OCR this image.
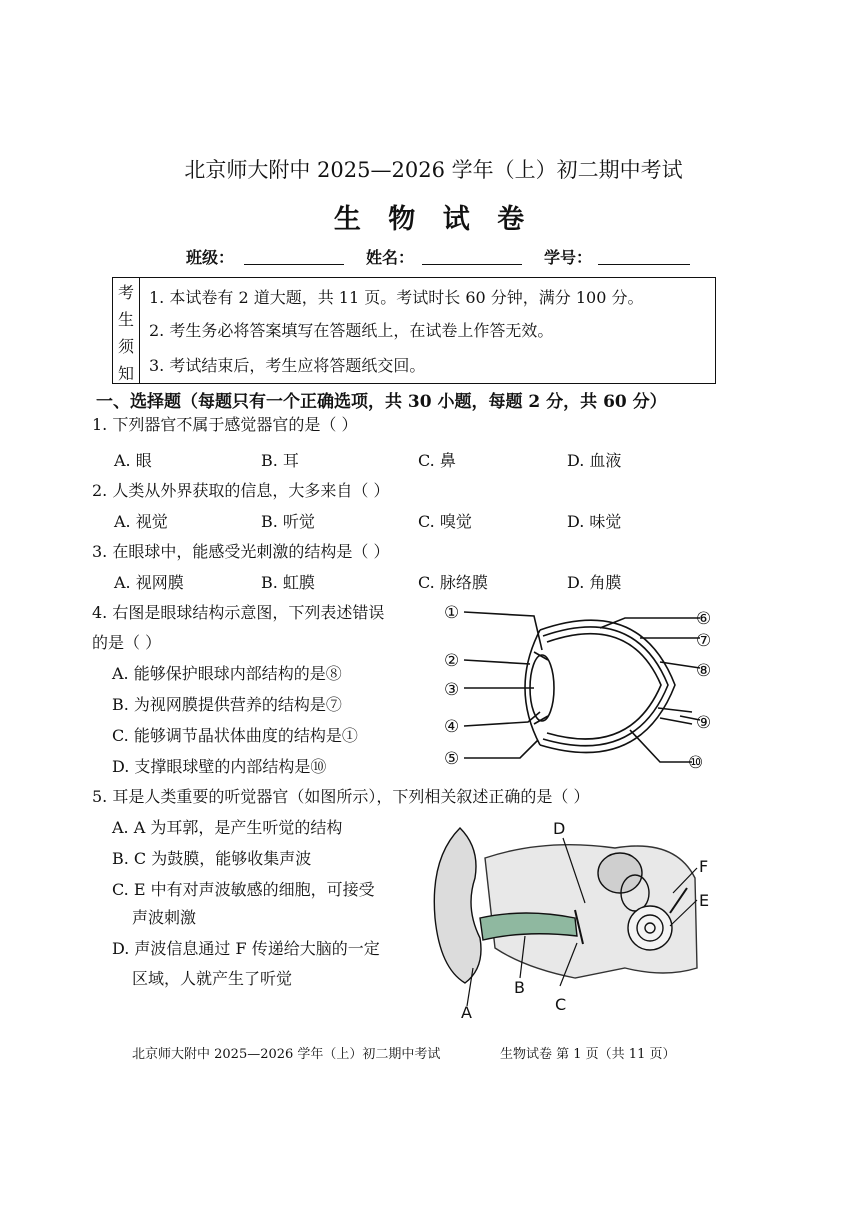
北京师大附中 2025—2026 学年（上）初二期中考试
生 物 试 卷
班级：	姓名：	学号：
考
生
须
知
1. 本试卷有 2 道大题，共 11 页。考试时长 60 分钟，满分 100 分。
2. 考生务必将答案填写在答题纸上，在试卷上作答无效。
3. 考试结束后，考生应将答题纸交回。
一、选择题（每题只有一个正确选项，共 30 小题，每题 2 分，共 60 分）
1. 下列器官不属于感觉器官的是（ ）
A. 眼	B. 耳	C. 鼻	D. 血液
2. 人类从外界获取的信息，大多来自（ ）
A. 视觉	B. 听觉	C. 嗅觉	D. 味觉
3. 在眼球中，能感受光刺激的结构是（ ）
A. 视网膜	B. 虹膜	C. 脉络膜	D. 角膜
4. 右图是眼球结构示意图，下列表述错误
的是（ ）
A. 能够保护眼球内部结构的是⑧
B. 为视网膜提供营养的结构是⑦
C. 能够调节晶状体曲度的结构是①
D. 支撑眼球壁的内部结构是⑩
①
②
③
④
⑤
⑥
⑦
⑧
⑨
⑩
5. 耳是人类重要的听觉器官（如图所示），下列相关叙述正确的是（ ）
A. A 为耳郭，是产生听觉的结构
B. C 为鼓膜，能够收集声波
C. E 中有对声波敏感的细胞，可接受
声波刺激
D. 声波信息通过 F 传递给大脑的一定
区域，人就产生了听觉
D
F
E
A
B
C
北京师大附中 2025—2026 学年（上）初二期中考试	生物试卷 第 1 页（共 11 页）
